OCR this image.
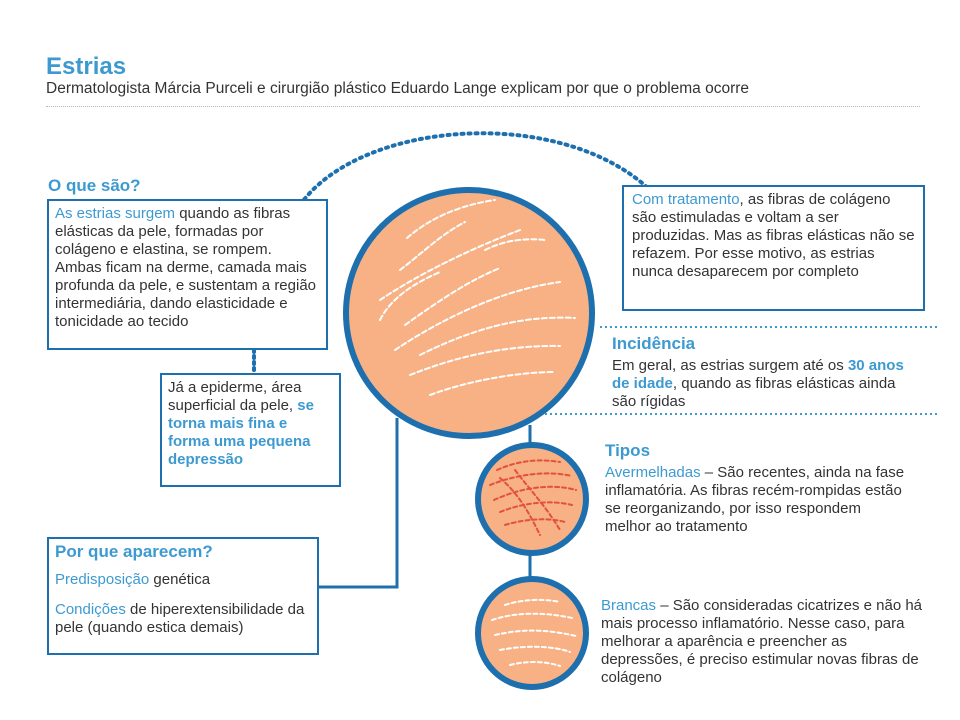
Estrias
Dermatologista Márcia Purceli e cirurgião plástico Eduardo Lange explicam por que o problema ocorre
O que são?
As estrias surgem quando as fibras elásticas da pele, formadas por colágeno e elastina, se rompem. Ambas ficam na derme, camada mais profunda da pele, e sustentam a região intermediária, dando elasticidade e tonicidade ao tecido
Já a epiderme, área superficial da pele, se torna mais fina e forma uma pequena depressão
Por que aparecem?
Predisposição genética
Condições de hiperextensibilidade da pele (quando estica demais)
Com tratamento, as fibras de colágeno são estimuladas e voltam a ser produzidas. Mas as fibras elásticas não se refazem. Por esse motivo, as estrias nunca desaparecem por completo
Incidência
Em geral, as estrias surgem até os 30 anos de idade, quando as fibras elásticas ainda são rígidas
Tipos
Avermelhadas – São recentes, ainda na fase inflamatória. As fibras recém-rompidas estão se reorganizando, por isso respondem melhor ao tratamento
Brancas – São consideradas cicatrizes e não há mais processo inflamatório. Nesse caso, para melhorar a aparência e preencher as depressões, é preciso estimular novas fibras de colágeno
